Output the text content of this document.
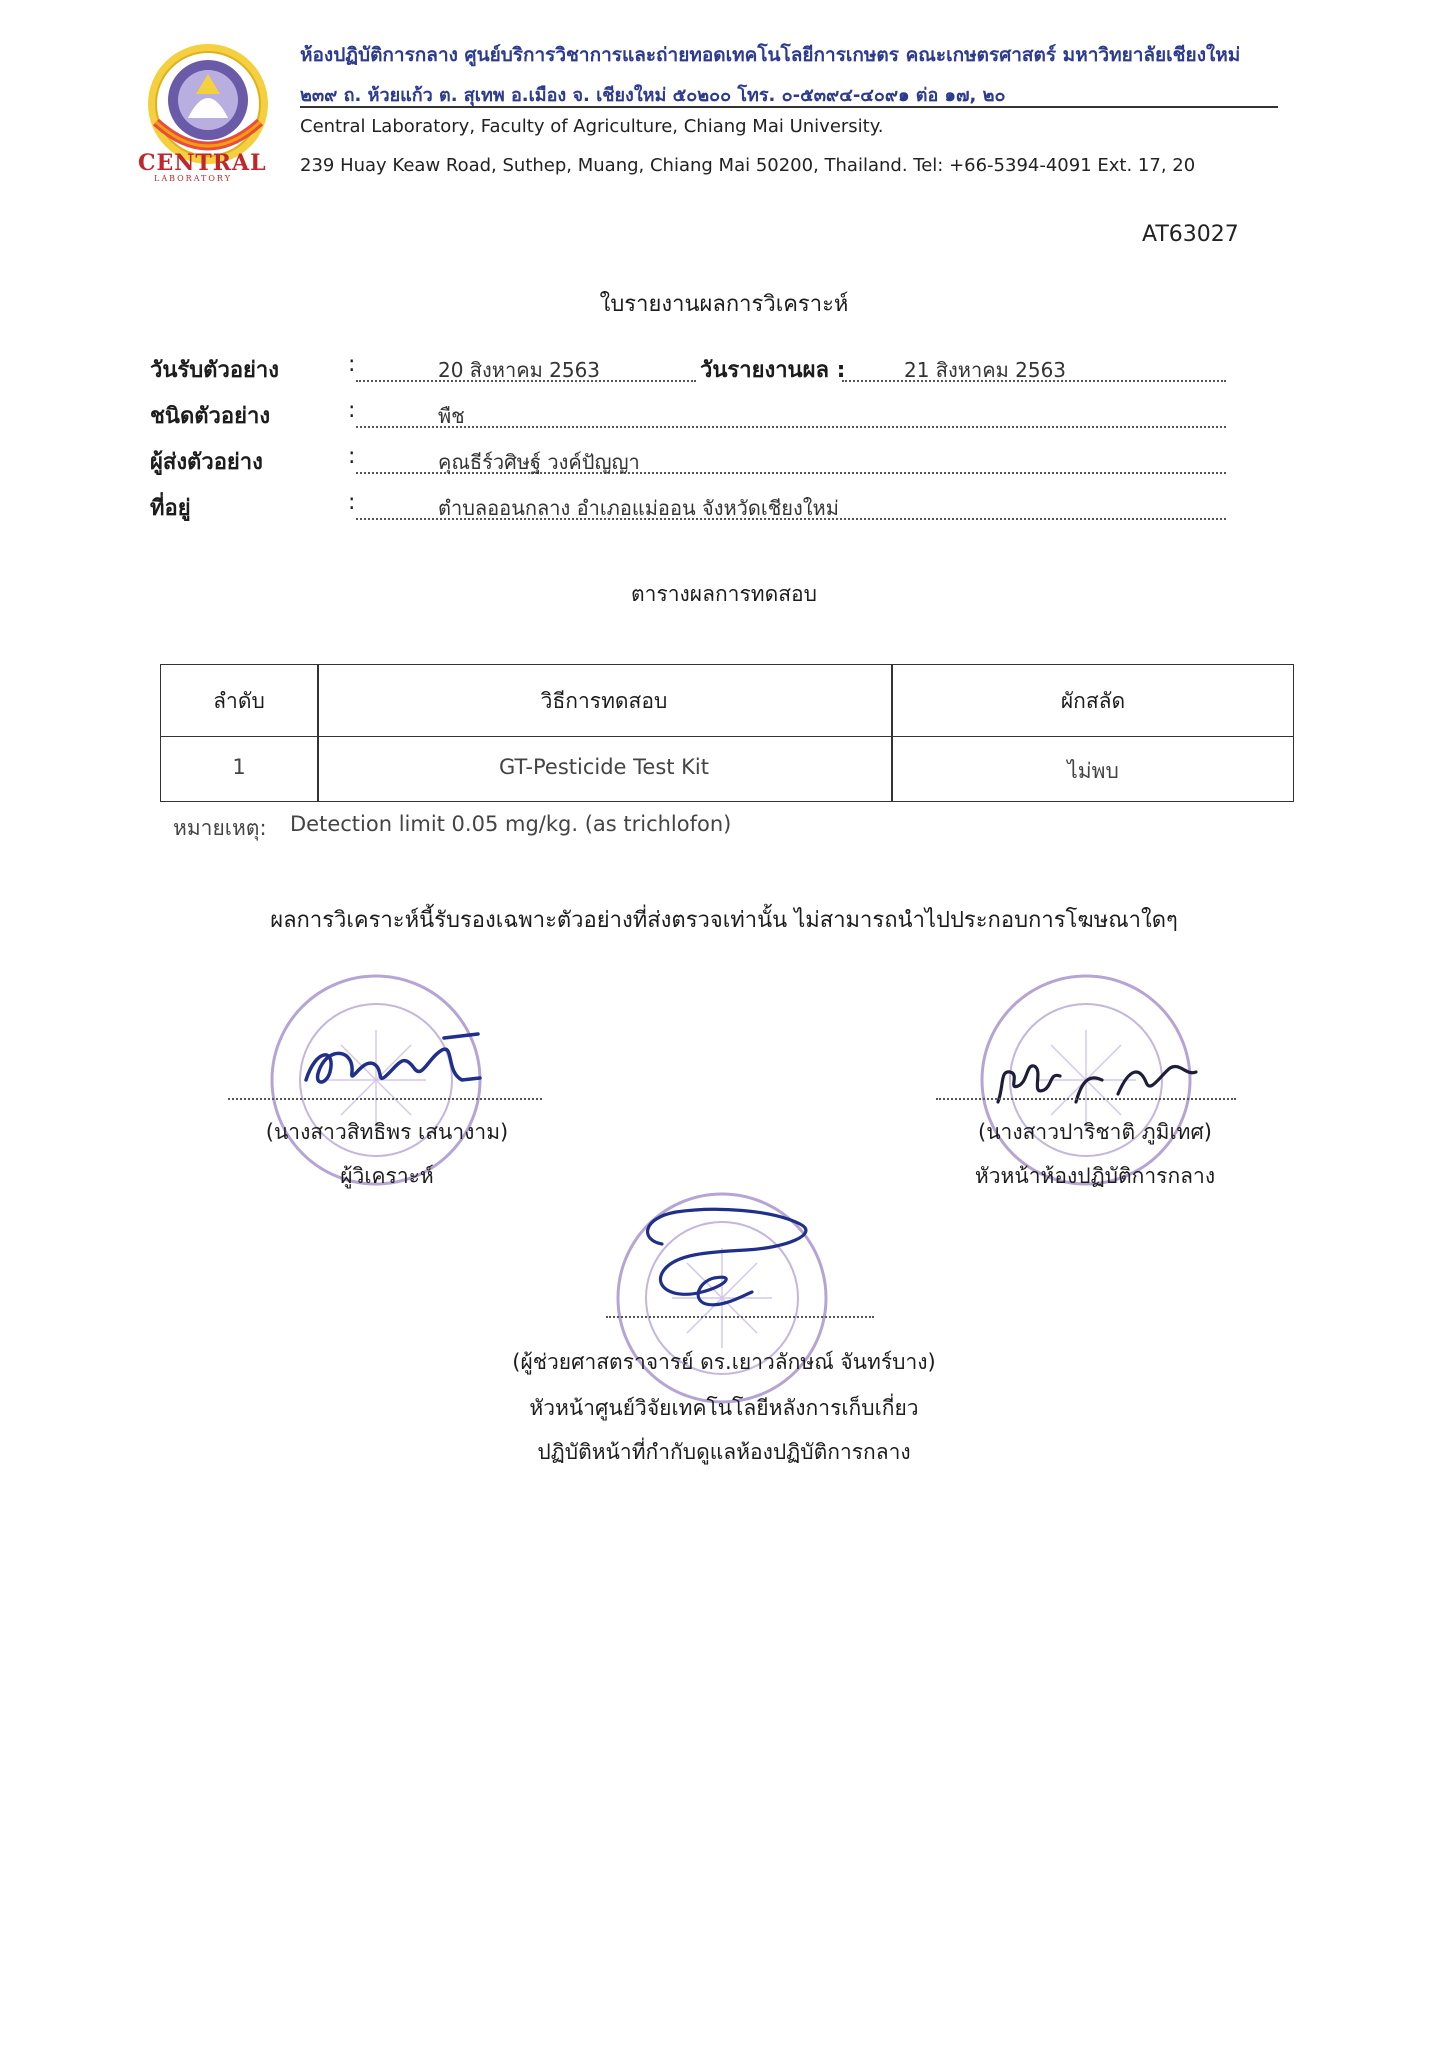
CENTRAL
LABORATORY
ห้องปฏิบัติการกลาง ศูนย์บริการวิชาการและถ่ายทอดเทคโนโลยีการเกษตร คณะเกษตรศาสตร์ มหาวิทยาลัยเชียงใหม่
๒๓๙ ถ. ห้วยแก้ว ต. สุเทพ อ.เมือง จ. เชียงใหม่ ๕๐๒๐๐ โทร. ๐-๕๓๙๔-๔๐๙๑ ต่อ ๑๗, ๒๐
Central Laboratory, Faculty of Agriculture, Chiang Mai University.
239 Huay Keaw Road, Suthep, Muang, Chiang Mai 50200, Thailand. Tel: +66-5394-4091 Ext. 17, 20
AT63027
ใบรายงานผลการวิเคราะห์
วันรับตัวอย่าง	:	20 สิงหาคม 2563	วันรายงานผล :	21 สิงหาคม 2563
ชนิดตัวอย่าง	:	พืช
ผู้ส่งตัวอย่าง	:	คุณธีร์วศิษฐ์ วงค์ปัญญา
ที่อยู่	:	ตำบลออนกลาง อำเภอแม่ออน จังหวัดเชียงใหม่
ตารางผลการทดสอบ
ลำดับ	วิธีการทดสอบ	ผักสลัด
1	GT-Pesticide Test Kit	ไม่พบ
หมายเหตุ: Detection limit 0.05 mg/kg. (as trichlofon)
ผลการวิเคราะห์นี้รับรองเฉพาะตัวอย่างที่ส่งตรวจเท่านั้น ไม่สามารถนำไปประกอบการโฆษณาใดๆ
(นางสาวสิทธิพร เสนางาม)
ผู้วิเคราะห์
(นางสาวปาริชาติ ภูมิเทศ)
หัวหน้าห้องปฏิบัติการกลาง
(ผู้ช่วยศาสตราจารย์ ดร.เยาวลักษณ์ จันทร์บาง)
หัวหน้าศูนย์วิจัยเทคโนโลยีหลังการเก็บเกี่ยว
ปฏิบัติหน้าที่กำกับดูแลห้องปฏิบัติการกลาง
